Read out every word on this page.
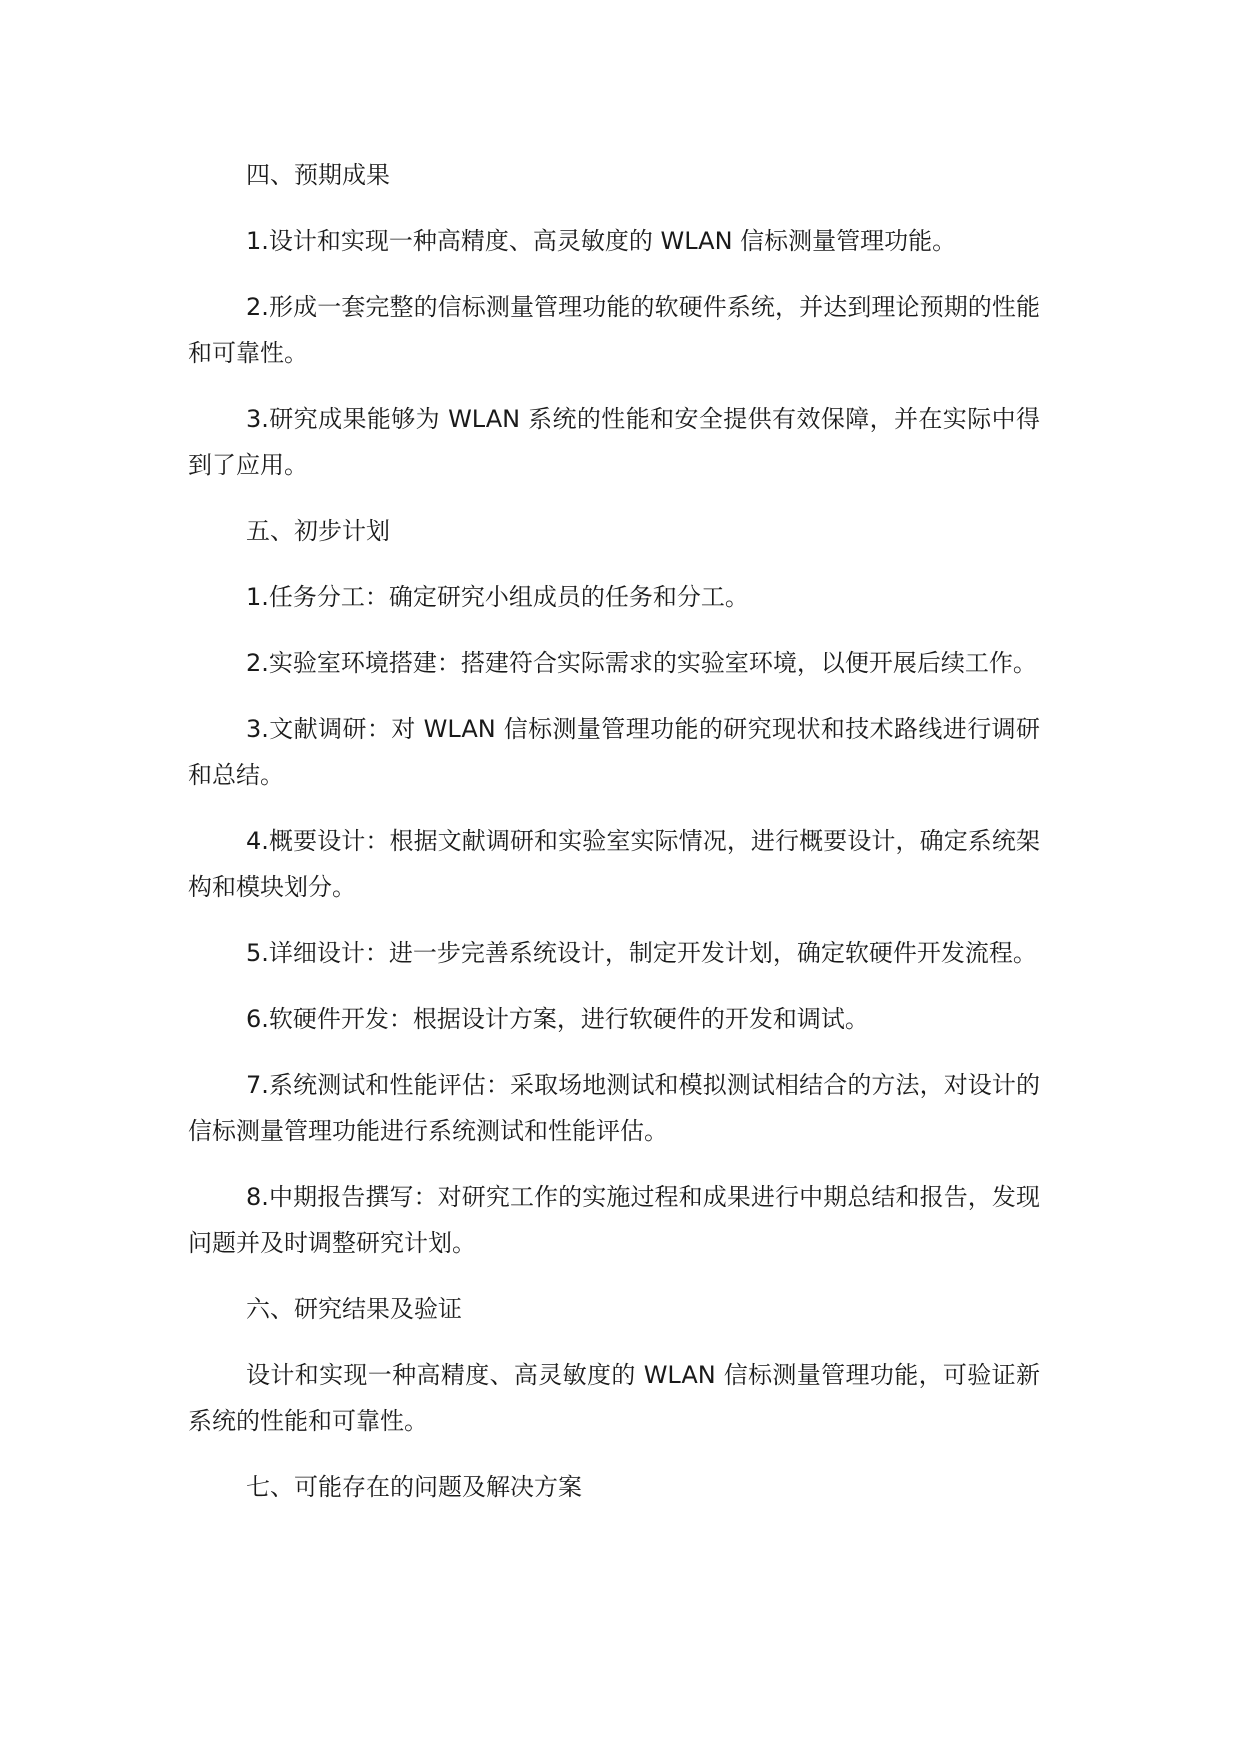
四、预期成果

1.设计和实现一种高精度、高灵敏度的 WLAN 信标测量管理功能。

2.形成一套完整的信标测量管理功能的软硬件系统，并达到理论预期的性能和可靠性。

3.研究成果能够为 WLAN 系统的性能和安全提供有效保障，并在实际中得到了应用。

五、初步计划

1.任务分工：确定研究小组成员的任务和分工。

2.实验室环境搭建：搭建符合实际需求的实验室环境，以便开展后续工作。

3.文献调研：对 WLAN 信标测量管理功能的研究现状和技术路线进行调研和总结。

4.概要设计：根据文献调研和实验室实际情况，进行概要设计，确定系统架构和模块划分。

5.详细设计：进一步完善系统设计，制定开发计划，确定软硬件开发流程。

6.软硬件开发：根据设计方案，进行软硬件的开发和调试。

7.系统测试和性能评估：采取场地测试和模拟测试相结合的方法，对设计的信标测量管理功能进行系统测试和性能评估。

8.中期报告撰写：对研究工作的实施过程和成果进行中期总结和报告，发现问题并及时调整研究计划。

六、研究结果及验证

设计和实现一种高精度、高灵敏度的 WLAN 信标测量管理功能，可验证新系统的性能和可靠性。

七、可能存在的问题及解决方案
